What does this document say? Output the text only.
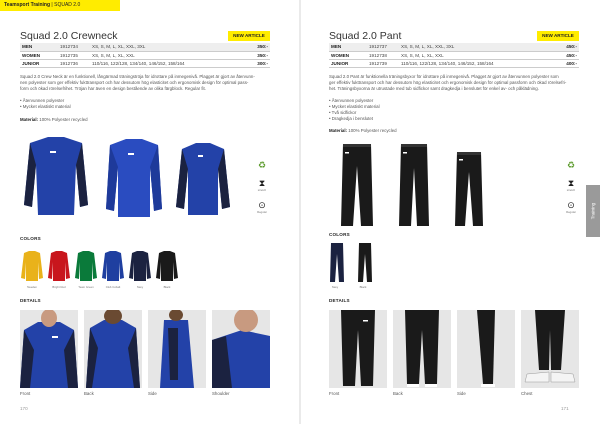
Teamsport Training | SQUAD 2.0
Squad 2.0 Crewneck	NEW ARTICLE
MEN	1912734	XS, S, M, L, XL, XXL, 3XL	350:-
WOMEN	1912735	XS, S, M, L, XL, XXL	350:-
JUNIOR	1912736	110/116, 122/128, 134/140, 146/152, 158/164	300:-
Squad 2.0 Crew Neck är en funktionell, långärmad träningströja för idrottare på inmegenivå. Plagget är gjort av återvunn-
nen polyester som ger effektiv fukttransport och har dessutom hög elasticitet och ergonomisk design för optimal pass-
form och ökad rörelsefrihet. Tröjan har även en design bestående av olika färgblock. Regular fit.
• Återvunnen polyester
• Mycket elastiskt material
Material: 100% Polyester recycled
♻
⧗
stretch
⊙
Regular
COLORS
Sweden	Bright Red	Team Green	Club Cobalt	Navy	Black
DETAILS
Front	Back	Side	Shoulder
170
Squad 2.0 Pant	NEW ARTICLE
MEN	1912737	XS, S, M, L, XL, XXL, 3XL	450:-
WOMEN	1912738	XS, S, M, L, XL, XXL	450:-
JUNIOR	1912739	110/116, 122/128, 134/140, 146/152, 158/164	400:-
Squad 2.0 Pant är funktionella träningsbyxor för idrottare på inmegenivå. Plagget är gjort av återvunnen polyester som
ger effektiv fukttransport och har dessutom hög elasticitet och ergonomisk design för optimal passform och ökad rörelsefri-
het. Träningsbyxorna är utrustade med tub sidfickor samt dragkedja i benslutet för enkel av- och påklädning.
• Återvunnen polyester
• Mycket elastiskt material
• Två sidfickor
• Dragkedja i benslutet
Material: 100% Polyester recycled
♻
⧗
stretch
⊙
Regular
COLORS
Navy	Black
DETAILS
Front	Back	Side	Chest
Training
171
